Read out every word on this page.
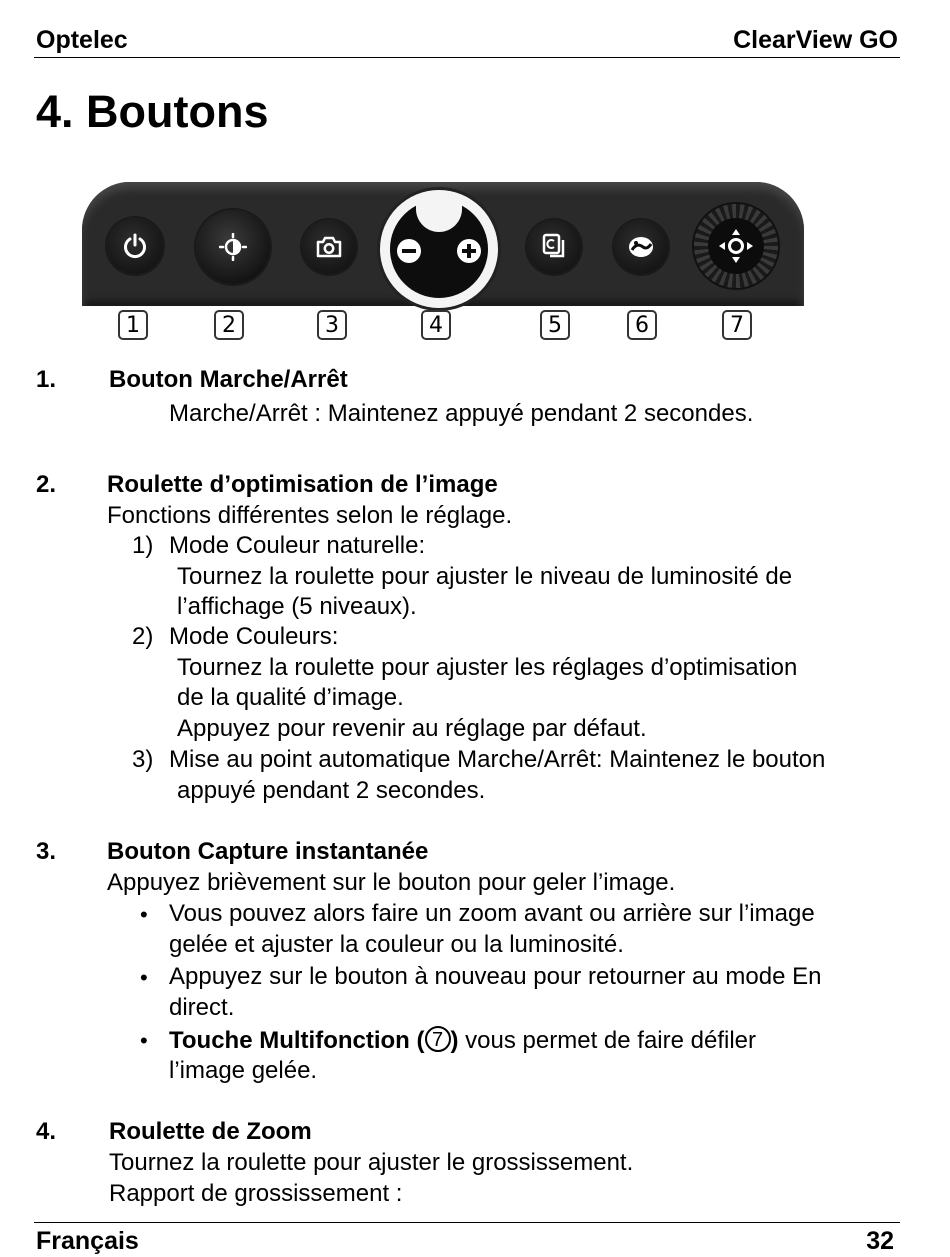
Optelec	ClearView GO
4. Boutons
1	2	3	4	5	6	7
1. Bouton Marche/Arrêt
Marche/Arrêt : Maintenez appuyé pendant 2 secondes.
2. Roulette d’optimisation de l’image
Fonctions différentes selon le réglage.
1) Mode Couleur naturelle:
Tournez la roulette pour ajuster le niveau de luminosité de
l’affichage (5 niveaux).
2) Mode Couleurs:
Tournez la roulette pour ajuster les réglages d’optimisation
de la qualité d’image.
Appuyez pour revenir au réglage par défaut.
3) Mise au point automatique Marche/Arrêt: Maintenez le bouton
appuyé pendant 2 secondes.
3. Bouton Capture instantanée
Appuyez brièvement sur le bouton pour geler l’image.
• Vous pouvez alors faire un zoom avant ou arrière sur l’image
gelée et ajuster la couleur ou la luminosité.
• Appuyez sur le bouton à nouveau pour retourner au mode En
direct.
• Touche Multifonction ( 7 ) vous permet de faire défiler
l’image gelée.
4. Roulette de Zoom
Tournez la roulette pour ajuster le grossissement.
Rapport de grossissement :
Français	32
